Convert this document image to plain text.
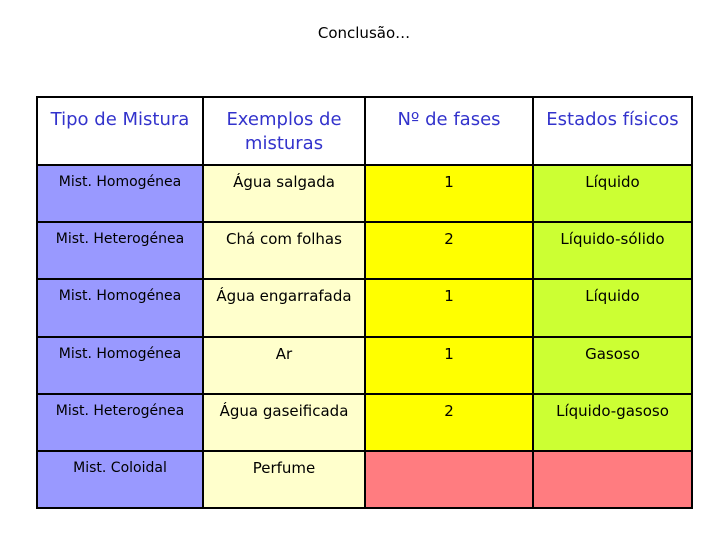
Conclusão…
Tipo de Mistura	Exemplos de misturas	Nº de fases	Estados físicos
Mist. Homogénea	Água salgada	1	Líquido
Mist. Heterogénea	Chá com folhas	2	Líquido-sólido
Mist. Homogénea	Água engarrafada	1	Líquido
Mist. Homogénea	Ar	1	Gasoso
Mist. Heterogénea	Água gaseificada	2	Líquido-gasoso
Mist. Coloidal	Perfume		
